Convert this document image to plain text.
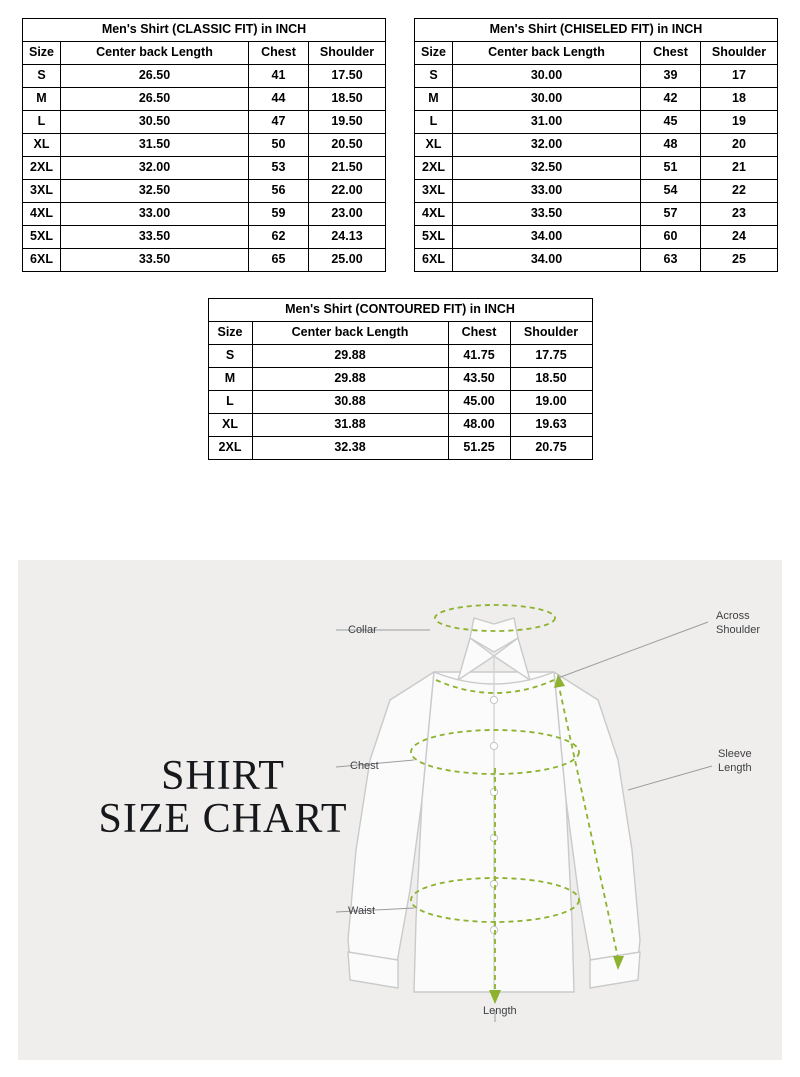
Men's Shirt (CLASSIC FIT) in INCH			
Size	Center back Length	Chest	Shoulder
S	26.50	41	17.50
M	26.50	44	18.50
L	30.50	47	19.50
XL	31.50	50	20.50
2XL	32.00	53	21.50
3XL	32.50	56	22.00
4XL	33.00	59	23.00
5XL	33.50	62	24.13
6XL	33.50	65	25.00
Men's Shirt (CHISELED FIT) in INCH			
Size	Center back Length	Chest	Shoulder
S	30.00	39	17
M	30.00	42	18
L	31.00	45	19
XL	32.00	48	20
2XL	32.50	51	21
3XL	33.00	54	22
4XL	33.50	57	23
5XL	34.00	60	24
6XL	34.00	63	25
Men's Shirt (CONTOURED FIT) in INCH			
Size	Center back Length	Chest	Shoulder
S	29.88	41.75	17.75
M	29.88	43.50	18.50
L	30.88	45.00	19.00
XL	31.88	48.00	19.63
2XL	32.38	51.25	20.75
SHIRT
SIZE CHART
Collar
Chest
Waist
Length
Across
Shoulder
Sleeve
Length
